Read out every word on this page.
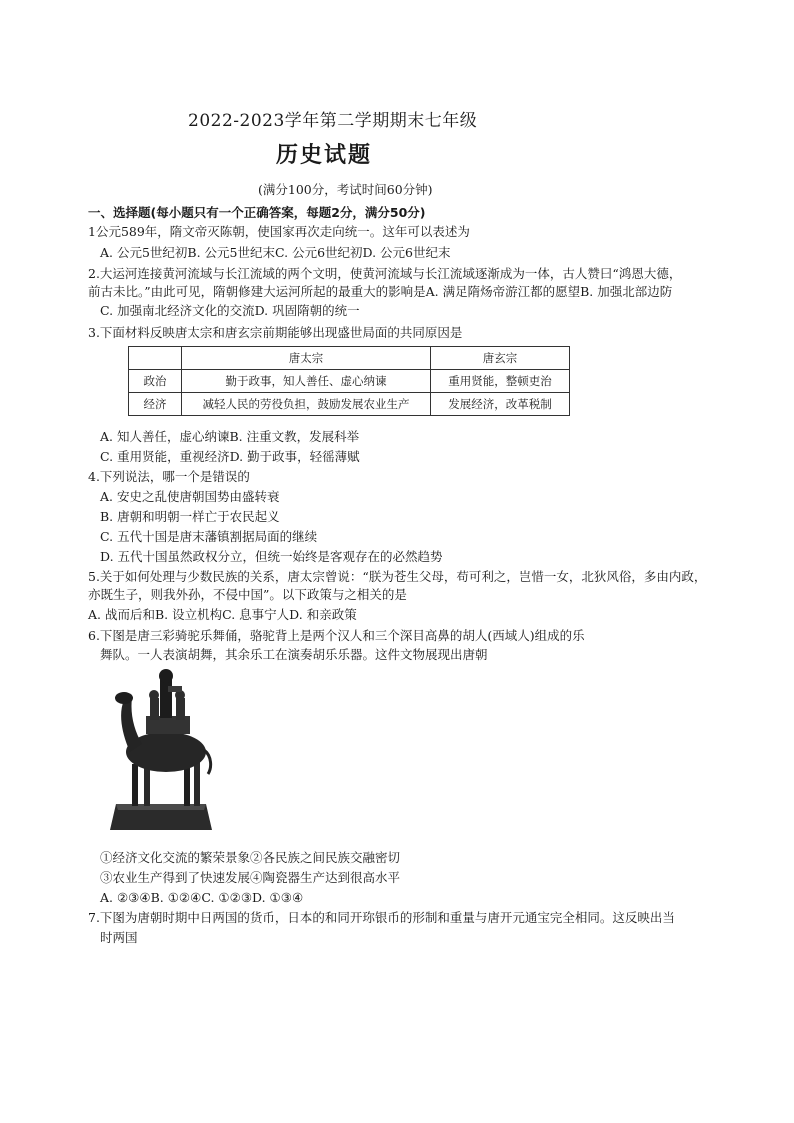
2022-2023学年第二学期期末七年级
历史试题
(满分100分，考试时间60分钟)
一、选择题(每小题只有一个正确答案，每题2分，满分50分)
1公元589年，隋文帝灭陈朝，使国家再次走向统一。这年可以表述为
A. 公元5世纪初B. 公元5世纪末C. 公元6世纪初D. 公元6世纪末
2.大运河连接黄河流域与长江流域的两个文明，使黄河流域与长江流域逐渐成为一体，古人赞曰“鸿恩大德，
前古未比。”由此可见，隋朝修建大运河所起的最重大的影响是A. 满足隋炀帝游江都的愿望B. 加强北部边防
C. 加强南北经济文化的交流D. 巩固隋朝的统一
3.下面材料反映唐太宗和唐玄宗前期能够出现盛世局面的共同原因是
	唐太宗	唐玄宗
政治	勤于政事，知人善任、虚心纳谏	重用贤能，整顿吏治
经济	减轻人民的劳役负担，鼓励发展农业生产	发展经济，改革税制
A. 知人善任，虚心纳谏B. 注重文教，发展科举
C. 重用贤能，重视经济D. 勤于政事，轻徭薄赋
4.下列说法，哪一个是错误的
A. 安史之乱使唐朝国势由盛转衰
B. 唐朝和明朝一样亡于农民起义
C. 五代十国是唐末藩镇割据局面的继续
D. 五代十国虽然政权分立，但统一始终是客观存在的必然趋势
5.关于如何处理与少数民族的关系，唐太宗曾说：“朕为苍生父母，苟可利之，岂惜一女，北狄风俗，多由内政，
亦既生子，则我外孙，不侵中国”。以下政策与之相关的是
A. 战而后和B. 设立机构C. 息事宁人D. 和亲政策
6.下图是唐三彩骑驼乐舞俑，骆驼背上是两个汉人和三个深目高鼻的胡人(西域人)组成的乐
舞队。一人表演胡舞，其余乐工在演奏胡乐乐器。这件文物展现出唐朝
①经济文化交流的繁荣景象②各民族之间民族交融密切
③农业生产得到了快速发展④陶瓷器生产达到很高水平
A. ②③④B. ①②④C. ①②③D. ①③④
7.下图为唐朝时期中日两国的货币，日本的和同开珎银币的形制和重量与唐开元通宝完全相同。这反映出当
时两国
